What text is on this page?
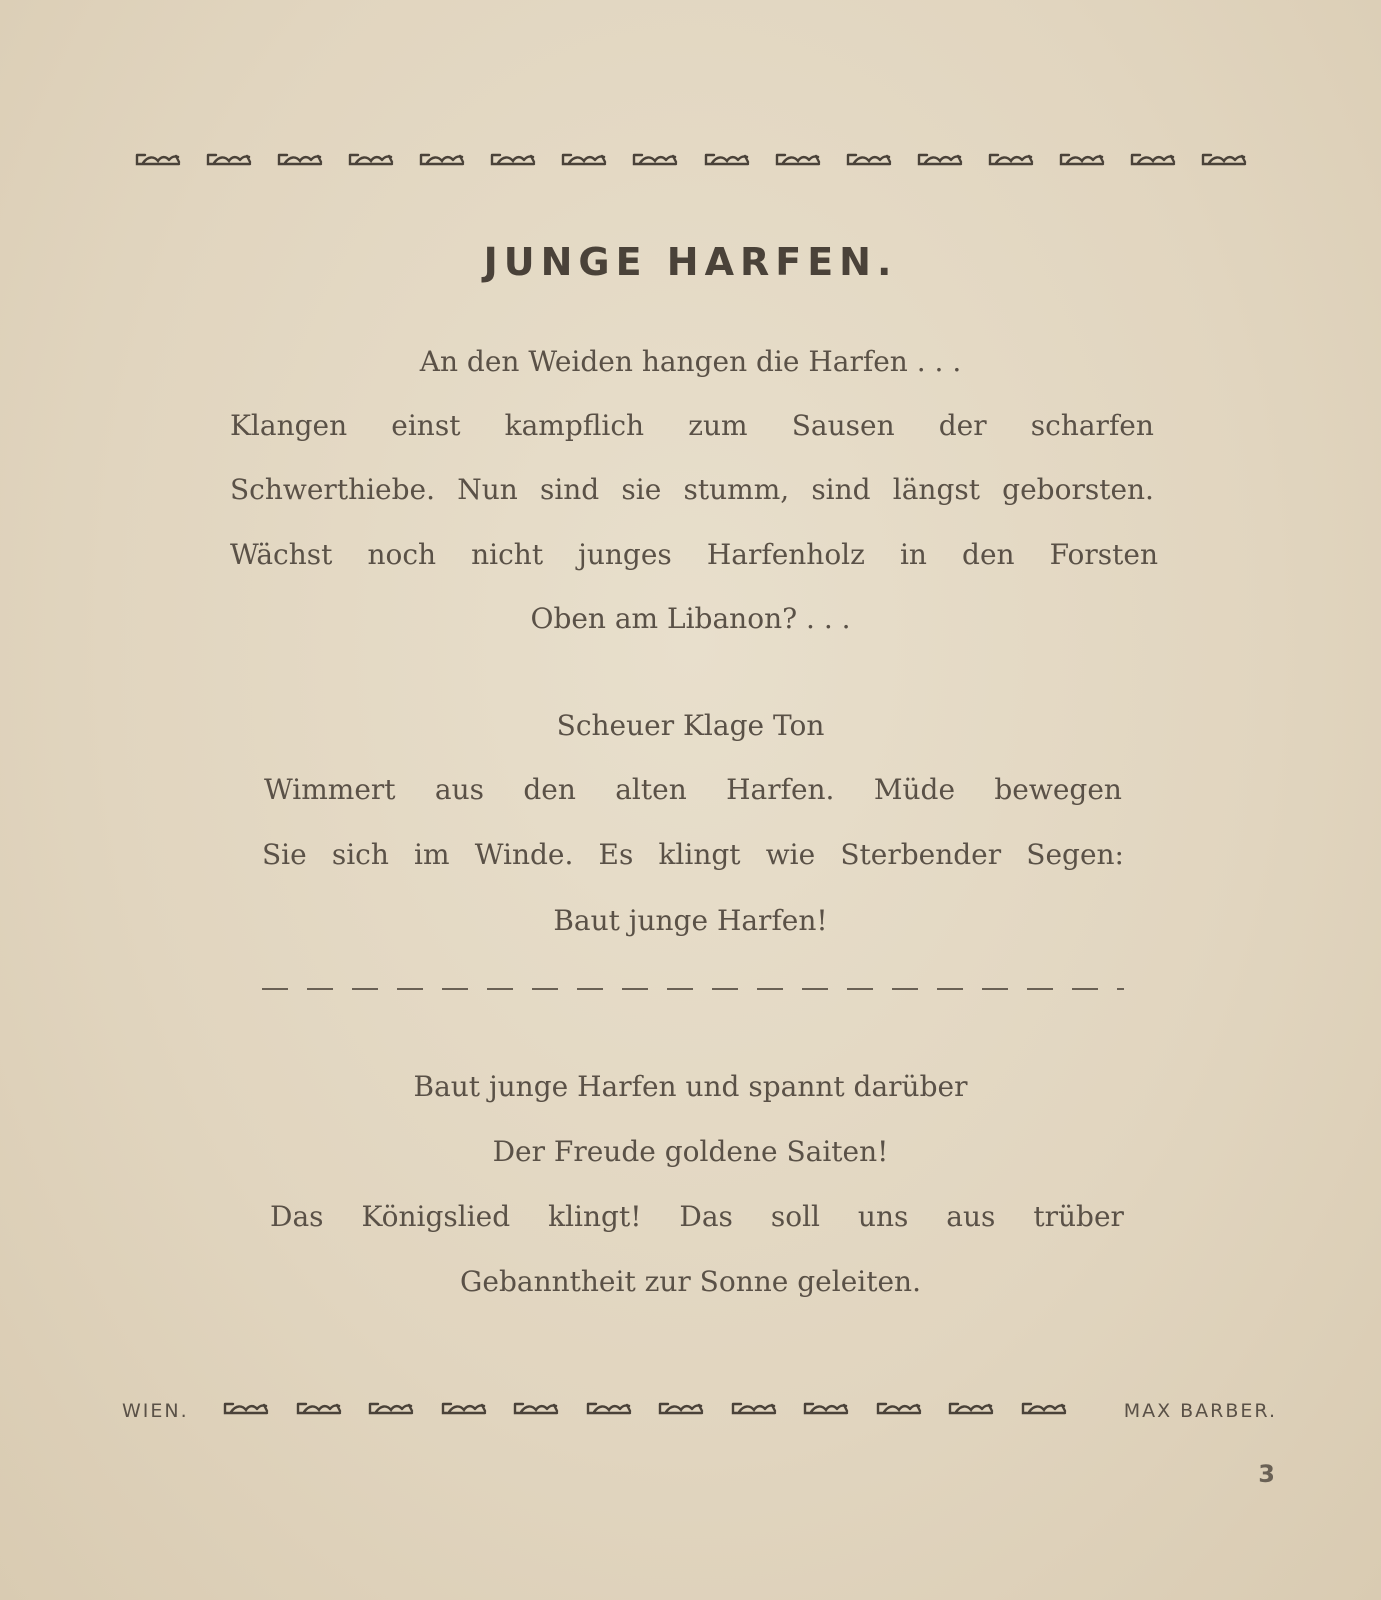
JUNGE HARFEN.
An den Weiden hangen die Harfen . . .
Klangen einst kampflich zum Sausen der scharfen
Schwerthiebe. Nun sind sie stumm, sind längst geborsten.
Wächst noch nicht junges Harfenholz in den Forsten
Oben am Libanon? . . .
Scheuer Klage Ton
Wimmert aus den alten Harfen. Müde bewegen
Sie sich im Winde. Es klingt wie Sterbender Segen:
Baut junge Harfen!
Baut junge Harfen und spannt darüber
Der Freude goldene Saiten!
Das Königslied klingt! Das soll uns aus trüber
Gebanntheit zur Sonne geleiten.
WIEN.	MAX BARBER.
3
